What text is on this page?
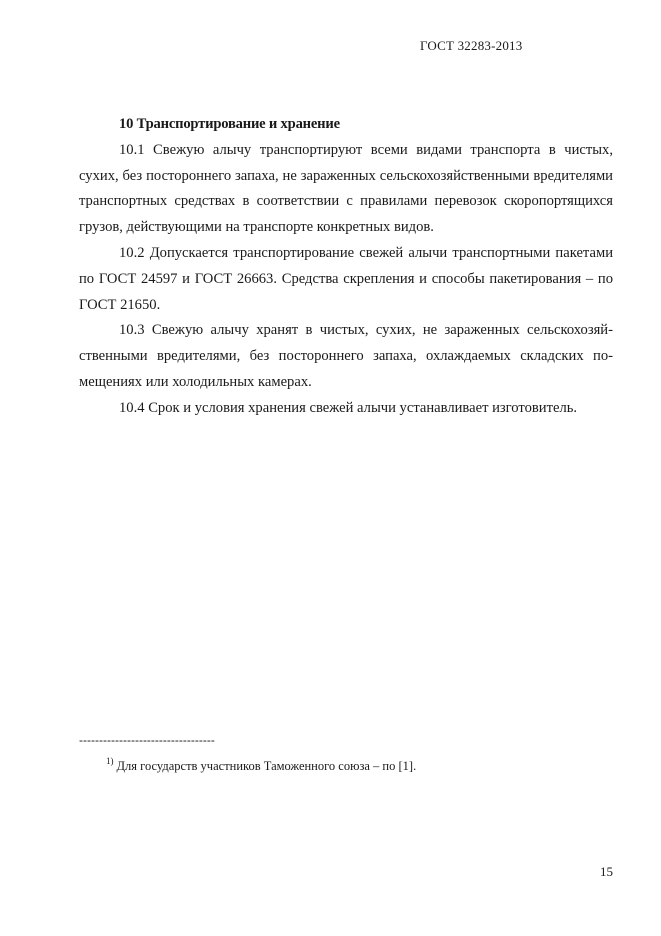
ГОСТ 32283-2013

10 Транспортирование и хранение

10.1 Свежую алычу транспортируют всеми видами транспорта в чистых, сухих, без постороннего запаха, не зараженных сельскохозяйственными вредителями транспортных средствах в соответствии с правилами перевозок скоропортящихся грузов, действующими на транспорте конкретных видов.

10.2 Допускается транспортирование свежей алычи транспортными пакетами по ГОСТ 24597 и ГОСТ 26663. Средства скрепления и способы пакетирования – по ГОСТ 21650.

10.3 Свежую алычу хранят в чистых, сухих, не зараженных сельскохозяйственными вредителями, без постороннего запаха, охлаждаемых складских помещениях или холодильных камерах.

10.4 Срок и условия хранения свежей алычи устанавливает изготовитель.

----------------------------------
$^{1)}$ Для государств участников Таможенного союза – по [1].
15
